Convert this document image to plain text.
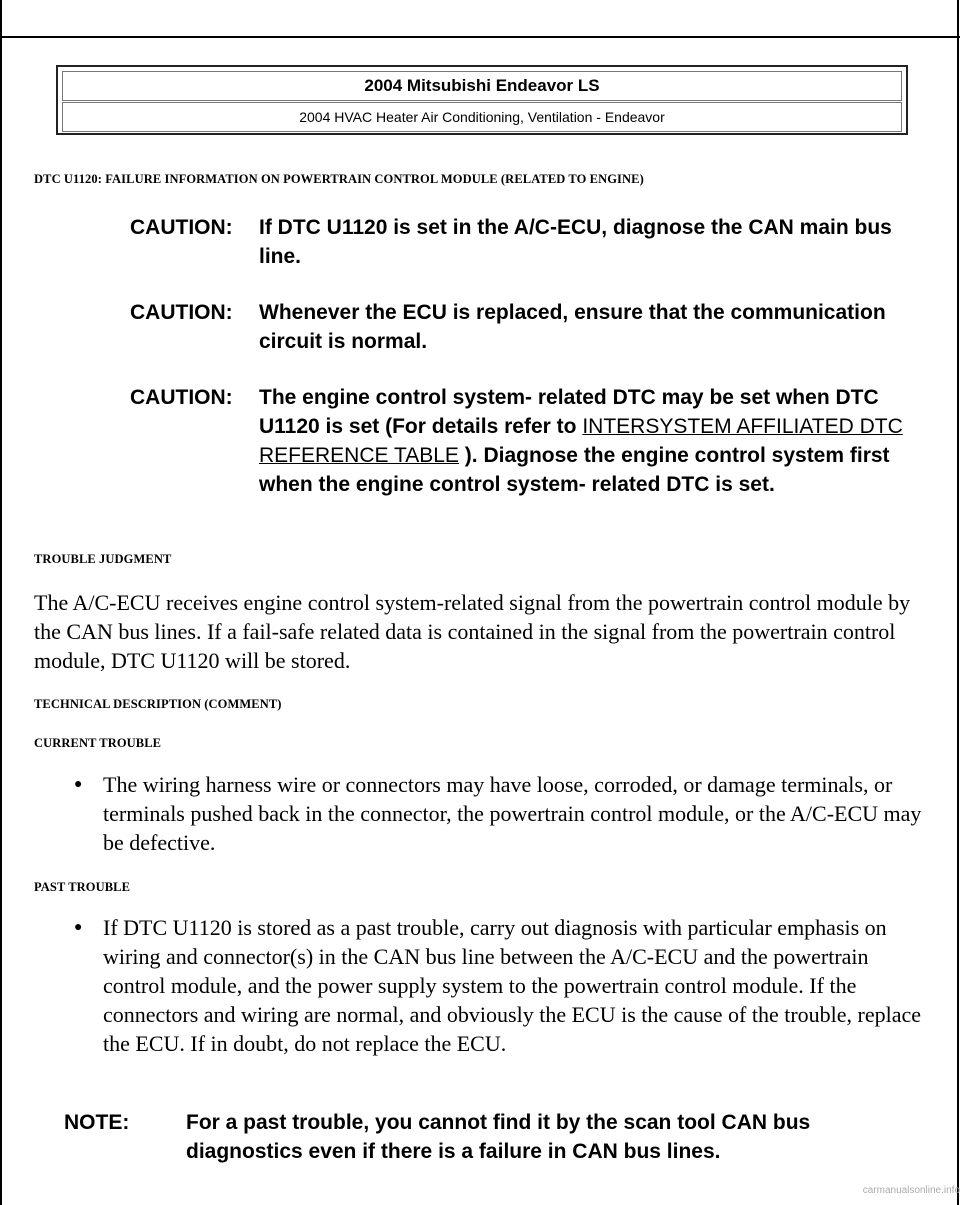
2004 Mitsubishi Endeavor LS
2004 HVAC Heater Air Conditioning, Ventilation - Endeavor
DTC U1120: FAILURE INFORMATION ON POWERTRAIN CONTROL MODULE (RELATED TO ENGINE)
CAUTION: If DTC U1120 is set in the A/C-ECU, diagnose the CAN main bus line.
CAUTION: Whenever the ECU is replaced, ensure that the communication circuit is normal.
CAUTION: The engine control system- related DTC may be set when DTC U1120 is set (For details refer to INTERSYSTEM AFFILIATED DTC REFERENCE TABLE ). Diagnose the engine control system first when the engine control system- related DTC is set.
TROUBLE JUDGMENT
The A/C-ECU receives engine control system-related signal from the powertrain control module by the CAN bus lines. If a fail-safe related data is contained in the signal from the powertrain control module, DTC U1120 will be stored.
TECHNICAL DESCRIPTION (COMMENT)
CURRENT TROUBLE
● The wiring harness wire or connectors may have loose, corroded, or damage terminals, or terminals pushed back in the connector, the powertrain control module, or the A/C-ECU may be defective.
PAST TROUBLE
● If DTC U1120 is stored as a past trouble, carry out diagnosis with particular emphasis on wiring and connector(s) in the CAN bus line between the A/C-ECU and the powertrain control module, and the power supply system to the powertrain control module. If the connectors and wiring are normal, and obviously the ECU is the cause of the trouble, replace the ECU. If in doubt, do not replace the ECU.
NOTE:	For a past trouble, you cannot find it by the scan tool CAN bus diagnostics even if there is a failure in CAN bus lines.
carmanualsonline.info
